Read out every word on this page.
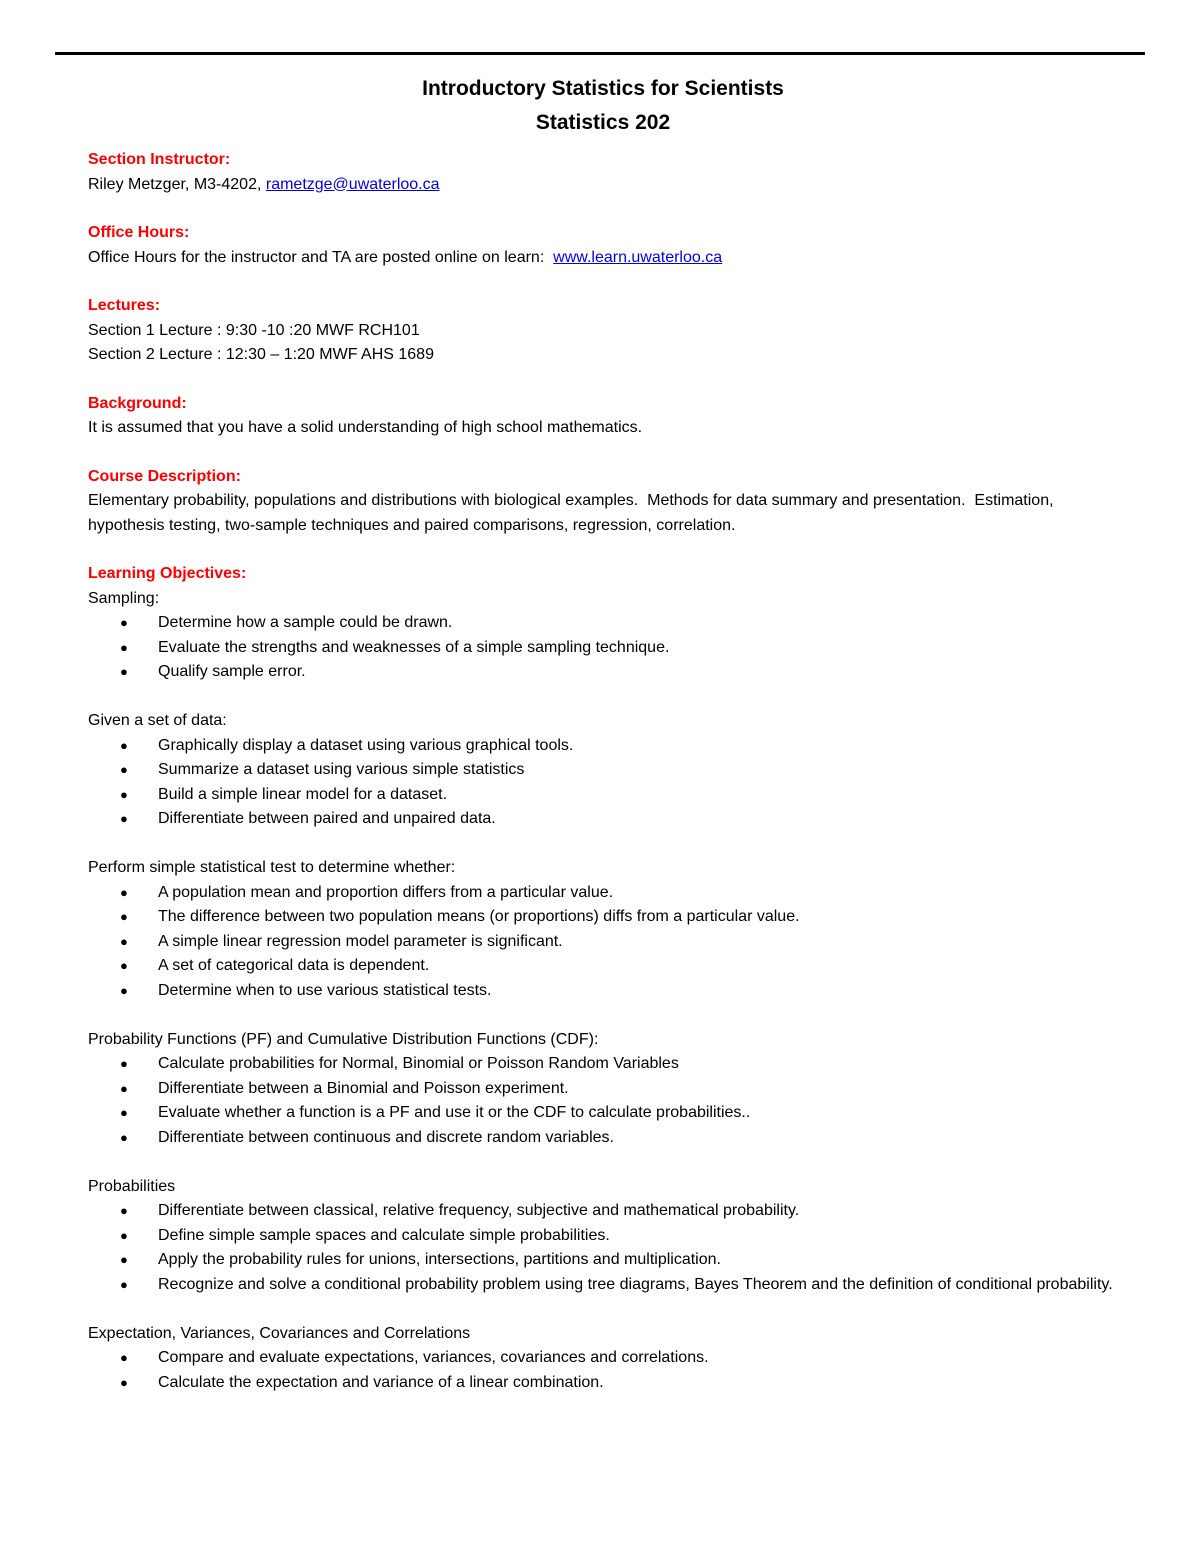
Introductory Statistics for Scientists
Statistics 202
Section Instructor:
Riley Metzger, M3-4202, rametzge@uwaterloo.ca
Office Hours:
Office Hours for the instructor and TA are posted online on learn:  www.learn.uwaterloo.ca
Lectures:
Section 1 Lecture : 9:30 -10 :20 MWF RCH101
Section 2 Lecture : 12:30 – 1:20 MWF AHS 1689
Background:
It is assumed that you have a solid understanding of high school mathematics.
Course Description:
Elementary probability, populations and distributions with biological examples.  Methods for data summary and presentation.  Estimation, hypothesis testing, two-sample techniques and paired comparisons, regression, correlation.
Learning Objectives:
Sampling:
● Determine how a sample could be drawn.
● Evaluate the strengths and weaknesses of a simple sampling technique.
● Qualify sample error.
Given a set of data:
● Graphically display a dataset using various graphical tools.
● Summarize a dataset using various simple statistics
● Build a simple linear model for a dataset.
● Differentiate between paired and unpaired data.
Perform simple statistical test to determine whether:
● A population mean and proportion differs from a particular value.
● The difference between two population means (or proportions) diffs from a particular value.
● A simple linear regression model parameter is significant.
● A set of categorical data is dependent.
● Determine when to use various statistical tests.
Probability Functions (PF) and Cumulative Distribution Functions (CDF):
● Calculate probabilities for Normal, Binomial or Poisson Random Variables
● Differentiate between a Binomial and Poisson experiment.
● Evaluate whether a function is a PF and use it or the CDF to calculate probabilities..
● Differentiate between continuous and discrete random variables.
Probabilities
● Differentiate between classical, relative frequency, subjective and mathematical probability.
● Define simple sample spaces and calculate simple probabilities.
● Apply the probability rules for unions, intersections, partitions and multiplication.
● Recognize and solve a conditional probability problem using tree diagrams, Bayes Theorem and the definition of conditional probability.
Expectation, Variances, Covariances and Correlations
● Compare and evaluate expectations, variances, covariances and correlations.
● Calculate the expectation and variance of a linear combination.
